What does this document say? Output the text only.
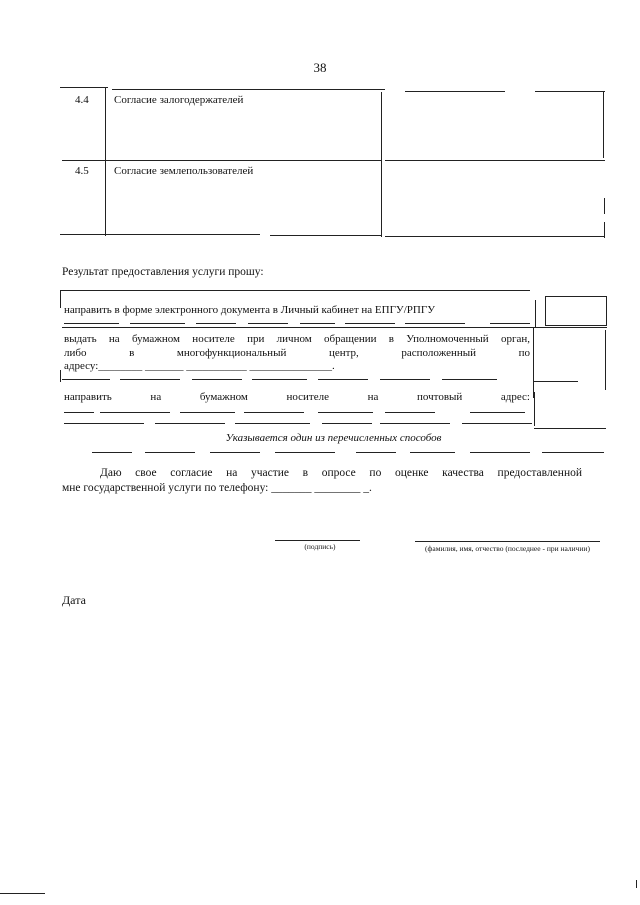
38
4.4 Согласие залогодержателей
4.5 Согласие землепользователей
Результат предоставления услуги прошу:
направить в форме электронного документа в Личный кабинет на ЕПГУ/РПГУ
выдать на бумажном носителе при личном обращении в Уполномоченный орган,
либо в многофункциональный центр, расположенный по
адресу:________ _______ ___________ _______________.
направить на бумажном носителе на почтовый адрес:
Указывается один из перечисленных способов
Даю свое согласие на участие в опросе по оценке качества предоставленной
мне государственной услуги по телефону: _______ ________ _.
(подпись)	(фамилия, имя, отчество (последнее - при наличии)
Дата
